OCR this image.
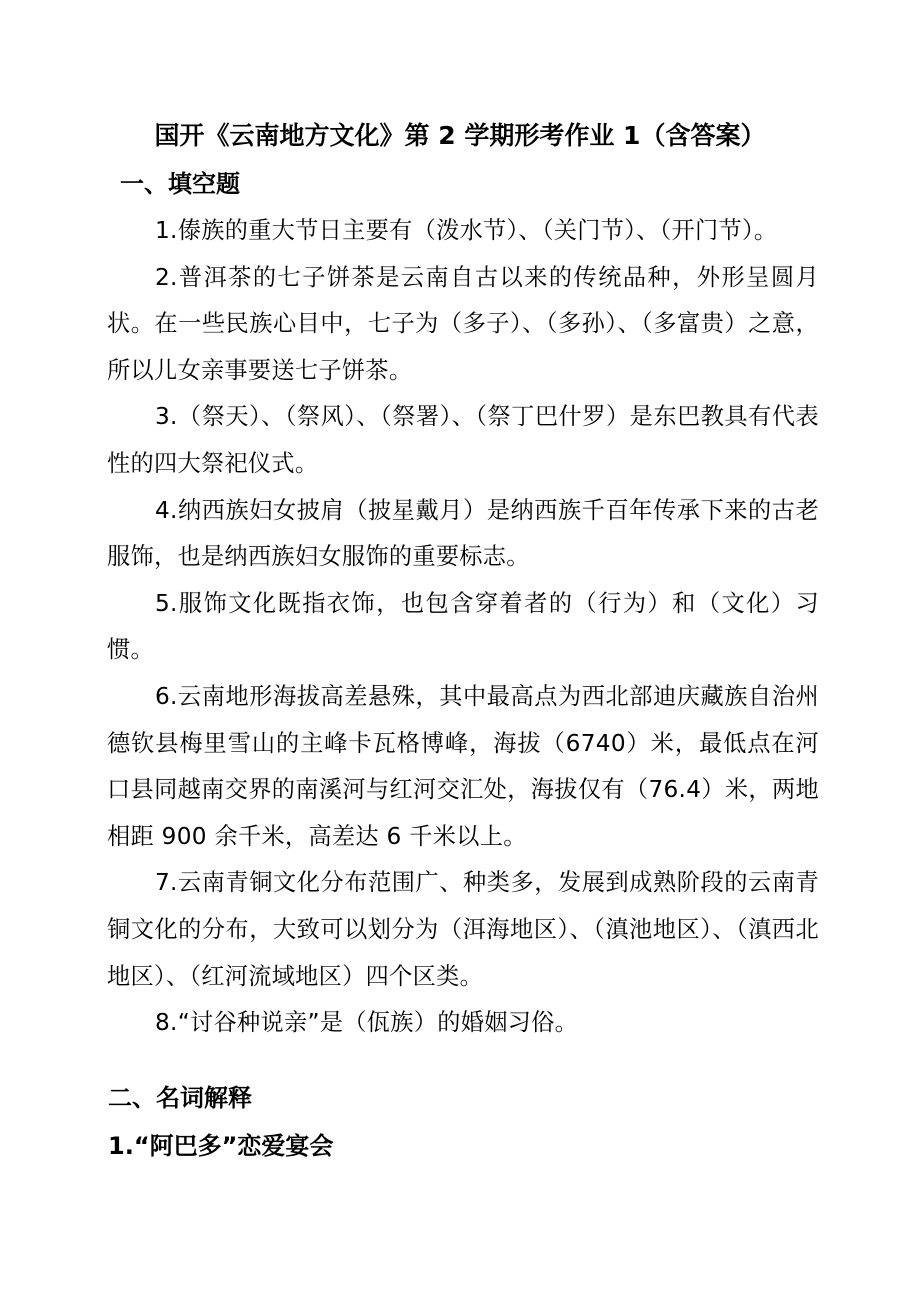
国开《云南地方文化》第 2 学期形考作业 1（含答案）
一、填空题

1.傣族的重大节日主要有（泼水节）、（关门节）、（开门节）。

2.普洱茶的七子饼茶是云南自古以来的传统品种，外形呈圆月状。在一些民族心目中，七子为（多子）、（多孙）、（多富贵）之意，所以儿女亲事要送七子饼茶。

3.（祭天）、（祭风）、（祭署）、（祭丁巴什罗）是东巴教具有代表性的四大祭祀仪式。

4.纳西族妇女披肩（披星戴月）是纳西族千百年传承下来的古老服饰，也是纳西族妇女服饰的重要标志。

5.服饰文化既指衣饰，也包含穿着者的（行为）和（文化）习惯。

6.云南地形海拔高差悬殊，其中最高点为西北部迪庆藏族自治州德钦县梅里雪山的主峰卡瓦格博峰，海拔（6740）米，最低点在河口县同越南交界的南溪河与红河交汇处，海拔仅有（76.4）米，两地相距 900 余千米，高差达 6 千米以上。

7.云南青铜文化分布范围广、种类多，发展到成熟阶段的云南青铜文化的分布，大致可以划分为（洱海地区）、（滇池地区）、（滇西北地区）、（红河流域地区）四个区类。

8.“讨谷种说亲”是（佤族）的婚姻习俗。

二、名词解释
1.“阿巴多”恋爱宴会
